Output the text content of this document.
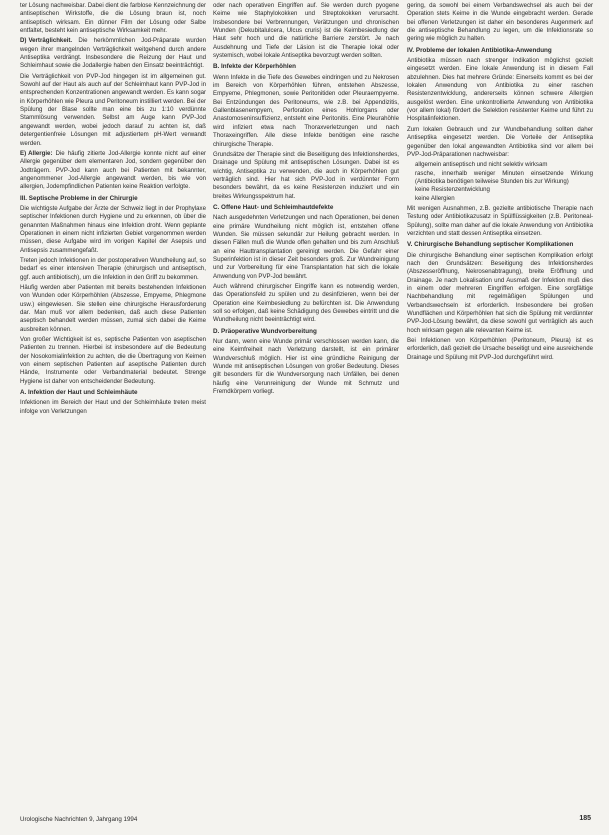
ter Lösung nachweisbar. Dabei dient die farblose Kennzeichnung der antiseptischen Wirkstoffe, die die Lösung braun ist, noch antiseptisch wirksam. Ein dünner Film der Lösung oder Salbe entfaltet, besteht kein antiseptische Wirksamkeit mehr.

D) Verträglichkeit. Die herkömmlichen Jod-Präparate wurden wegen ihrer mangelnden Verträglichkeit weitgehend durch andere Antiseptika verdrängt. Insbesondere die Reizung der Haut und Schleimhaut sowie die Jodallergie haben den Einsatz beeinträchtigt.

Die Verträglichkeit von PVP-Jod hingegen ist im allgemeinen gut. Sowohl auf der Haut als auch auf der Schleimhaut kann PVP-Jod in entsprechenden Konzentrationen angewandt werden. Es kann sogar in Körperhöhlen wie Pleura und Peritoneum instilliert werden. Bei der Spülung der Blase sollte man eine bis zu 1:10 verdünnte Stammlösung verwenden. Selbst am Auge kann PVP-Jod angewandt werden, wobei jedoch darauf zu achten ist, daß detergentienfreie Lösungen mit adjustiertem pH-Wert verwandt werden.

E) Allergie: Die häufig zitierte Jod-Allergie konnte nicht auf einer Allergie gegenüber dem elementaren Jod, sondern gegenüber den Jodträgern. PVP-Jod kann auch bei Patienten mit bekannter, angenommener Jod-Allergie angewandt werden, bis wie von allergien, Jodempfindlichen Patienten keine Reaktion verfolgte.

III. Septische Probleme in der Chirurgie

Die wichtigste Aufgabe der Ärzte der Schweiz liegt in der Prophylaxe septischer Infektionen durch Hygiene und zu erkennen, ob über die genannten Maßnahmen hinaus eine Infektion droht. Wenn geplante Operationen in einem nicht infizierten Gebiet vorgenommen werden müssen, diese Aufgabe wird im vorigen Kapitel der Asepsis und Antisepsis zusammengefaßt.

Treten jedoch Infektionen in der postoperativen Wundheilung auf, so bedarf es einer intensiven Therapie (chirurgisch und antiseptisch, ggf. auch antibiotisch), um die Infektion in den Griff zu bekommen.

Häufig werden aber Patienten mit bereits bestehenden Infektionen von Wunden oder Körperhöhlen (Abszesse, Empyeme, Phlegmone usw.) eingewiesen. Sie stellen eine chirurgische Herausforderung dar. Man muß vor allem bedenken, daß auch diese Patienten aseptisch behandelt werden müssen, zumal sich dabei die Keime ausbreiten können.

Von großer Wichtigkeit ist es, septische Patienten von aseptischen Patienten zu trennen. Hierbei ist insbesondere auf die Bedeutung der Nosokomialinfektion zu achten, die die Übertragung von Keimen von einem septischen Patienten auf aseptische Patienten durch Hände, Instrumente oder Verbandmaterial bedeutet. Strenge Hygiene ist daher von entscheidender Bedeutung.

A. Infektion der Haut und Schleimhäute

Infektionen im Bereich der Haut und der Schleimhäute treten meist infolge von Verletzungen

oder nach operativen Eingriffen auf. Sie werden durch pyogene Keime wie Staphylokokken und Streptokokken verursacht. Insbesondere bei Verbrennungen, Verätzungen und chronischen Wunden (Dekubitalulcera, Ulcus cruris) ist die Keimbesiedlung der Haut sehr hoch und die natürliche Barriere zerstört. Je nach Ausdehnung und Tiefe der Läsion ist die Therapie lokal oder systemisch, wobei lokale Antiseptika bevorzugt werden sollten.

B. Infekte der Körperhöhlen

Wenn Infekte in die Tiefe des Gewebes eindringen und zu Nekrosen im Bereich von Körperhöhlen führen, entstehen Abszesse, Empyeme, Phlegmonen, sowie Peritonitiden oder Pleuraempyeme. Bei Entzündungen des Peritoneums, wie z.B. bei Appendizitis, Gallenblasenempyem, Perforation eines Hohlorgans oder Anastomoseninsuffizienz, entsteht eine Peritonitis. Eine Pleurahöhle wird infiziert etwa nach Thoraxverletzungen und nach Thoraxeingriffen. Alle diese Infekte benötigen eine rasche chirurgische Therapie.

Grundsätze der Therapie sind: die Beseitigung des Infektionsherdes, Drainage und Spülung mit antiseptischen Lösungen. Dabei ist es wichtig, Antiseptika zu verwenden, die auch in Körperhöhlen gut verträglich sind. Hier hat sich PVP-Jod in verdünnter Form besonders bewährt, da es keine Resistenzen induziert und ein breites Wirkungsspektrum hat.

C. Offene Haut- und Schleimhautdefekte

Nach ausgedehnten Verletzungen und nach Operationen, bei denen eine primäre Wundheilung nicht möglich ist, entstehen offene Wunden. Sie müssen sekundär zur Heilung gebracht werden. In diesen Fällen muß die Wunde offen gehalten und bis zum Anschluß an eine Hauttransplantation gereinigt werden. Die Gefahr einer Superinfektion ist in dieser Zeit besonders groß. Zur Wundreinigung und zur Vorbereitung für eine Transplantation hat sich die lokale Anwendung von PVP-Jod bewährt.

Auch während chirurgischer Eingriffe kann es notwendig werden, das Operationsfeld zu spülen und zu desinfizieren, wenn bei der Operation eine Keimbesiedlung zu befürchten ist. Die Anwendung soll so erfolgen, daß keine Schädigung des Gewebes eintritt und die Wundheilung nicht beeinträchtigt wird.

D. Präoperative Wundvorbereitung

Nur dann, wenn eine Wunde primär verschlossen werden kann, die eine Keimfreiheit nach Verletzung darstellt, ist ein primärer Wundverschluß möglich. Hier ist eine gründliche Reinigung der Wunde mit antiseptischen Lösungen von großer Bedeutung. Dieses gilt besonders für die Wundversorgung nach Unfällen, bei denen häufig eine Verunreinigung der Wunde mit Schmutz und Fremdkörpern vorliegt.

gering, da sowohl bei einem Verbandswechsel als auch bei der Operation stets Keime in die Wunde eingebracht werden. Gerade bei offenen Verletzungen ist daher ein besonderes Augenmerk auf die antiseptische Behandlung zu legen, um die Infektionsrate so gering wie möglich zu halten.

IV. Probleme der lokalen Antibiotika-Anwendung

Antibiotika müssen nach strenger Indikation möglichst gezielt eingesetzt werden. Eine lokale Anwendung ist in diesem Fall abzulehnen. Dies hat mehrere Gründe: Einerseits kommt es bei der lokalen Anwendung von Antibiotika zu einer raschen Resistenzentwicklung, andererseits können schwere Allergien ausgelöst werden. Eine unkontrollierte Anwendung von Antibiotika (vor allem lokal) fördert die Selektion resistenter Keime und führt zu Hospitalinfektionen.

Zum lokalen Gebrauch und zur Wundbehandlung sollten daher Antiseptika eingesetzt werden. Die Vorteile der Antiseptika gegenüber den lokal angewandten Antibiotika sind vor allem bei PVP-Jod-Präparationen nachweisbar:

• allgemein antiseptisch und nicht selektiv wirksam
• rasche, innerhalb weniger Minuten einsetzende Wirkung (Antibiotika benötigen teilweise Stunden bis zur Wirkung)
• keine Resistenzentwicklung
• keine Allergien

Mit wenigen Ausnahmen, z.B. gezielte antibiotische Therapie nach Testung oder Antibiotikazusatz in Spülflüssigkeiten (z.B. Peritoneal-Spülung), sollte man daher auf die lokale Anwendung von Antibiotika verzichten und statt dessen Antiseptika einsetzen.

V. Chirurgische Behandlung septischer Komplikationen

Die chirurgische Behandlung einer septischen Komplikation erfolgt nach den Grundsätzen: Beseitigung des Infektionsherdes (Abszesseröffnung, Nekrosenabtragung), breite Eröffnung und Drainage. Je nach Lokalisation und Ausmaß der Infektion muß dies in einem oder mehreren Eingriffen erfolgen. Eine sorgfältige Nachbehandlung mit regelmäßigen Spülungen und Verbandswechseln ist erforderlich. Insbesondere bei großen Wundflächen und Körperhöhlen hat sich die Spülung mit verdünnter PVP-Jod-Lösung bewährt, da diese sowohl gut verträglich als auch hoch wirksam gegen alle relevanten Keime ist.

Bei Infektionen von Körperhöhlen (Peritoneum, Pleura) ist es erforderlich, daß gezielt die Ursache beseitigt und eine ausreichende Drainage und Spülung mit PVP-Jod durchgeführt wird.

Urologische Nachrichten 9, Jahrgang 1994	185
